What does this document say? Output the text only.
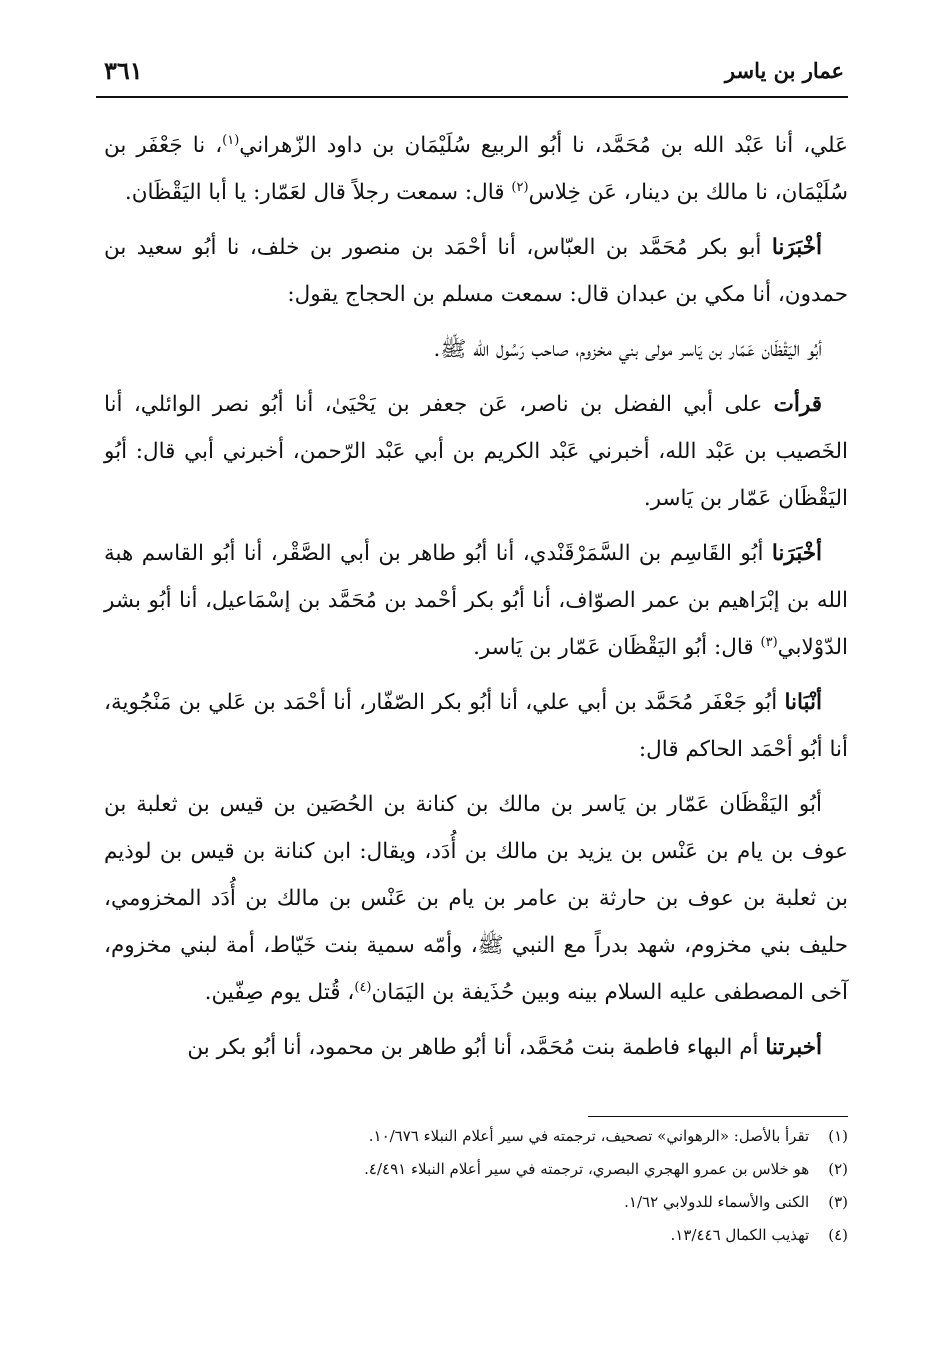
٣٦١	عمار بن ياسر

عَلي، أنا عَبْد الله بن مُحَمَّد، نا أبُو الربيع سُلَيْمَان بن داود الزّهراني$^{(١)}$، نا جَعْفَر بن سُلَيْمَان، نا مالك بن دينار، عَن خِلاس$^{(٢)}$ قال: سمعت رجلاً قال لعَمّار: يا أبا اليَقْظَان.

أخْبَرَنا أبو بكر مُحَمَّد بن العبّاس، أنا أحْمَد بن منصور بن خلف، نا أبُو سعيد بن حمدون، أنا مكي بن عبدان قال: سمعت مسلم بن الحجاج يقول:

أبُو اليَقْظَان عَمّار بن يَاسر مولى بني مخزوم، صاحب رَسُول الله ﷺ.

قرأت على أبي الفضل بن ناصر، عَن جعفر بن يَحْيَىٰ، أنا أبُو نصر الوائلي، أنا الخَصيب بن عَبْد الله، أخبرني عَبْد الكريم بن أبي عَبْد الرّحمن، أخبرني أبي قال: أبُو اليَقْظَان عَمّار بن يَاسر.

أخْبَرَنا أبُو القَاسِم بن السَّمَرْقَنْدي، أنا أبُو طاهر بن أبي الصَّقْر، أنا أبُو القاسم هبة الله بن إبْرَاهيم بن عمر الصوّاف، أنا أبُو بكر أحْمد بن مُحَمَّد بن إسْمَاعيل، أنا أبُو بشر الدّوْلابي$^{(٣)}$ قال: أبُو اليَقْظَان عَمّار بن يَاسر.

أنْبَانا أبُو جَعْفَر مُحَمَّد بن أبي علي، أنا أبُو بكر الصّفّار، أنا أحْمَد بن عَلي بن مَنْجُوية، أنا أبُو أحْمَد الحاكم قال:

أبُو اليَقْظَان عَمّار بن يَاسر بن مالك بن كنانة بن الحُصَين بن قيس بن ثعلبة بن عوف بن يام بن عَنْس بن يزيد بن مالك بن أُدَد، ويقال: ابن كنانة بن قيس بن لوذيم بن ثعلبة بن عوف بن حارثة بن عامر بن يام بن عَنْس بن مالك بن أُدَد المخزومي، حليف بني مخزوم، شهد بدراً مع النبي ﷺ، وأمّه سمية بنت خَيّاط، أمة لبني مخزوم، آخى المصطفى عليه السلام بينه وبين حُذَيفة بن اليَمَان$^{(٤)}$، قُتل يوم صِفّين.

أخبرتنا أم البهاء فاطمة بنت مُحَمَّد، أنا أبُو طاهر بن محمود، أنا أبُو بكر بن

(١) تقرأ بالأصل: «الرهواني» تصحيف، ترجمته في سير أعلام النبلاء ١٠/٦٧٦.
(٢) هو خلاس بن عمرو الهجري البصري، ترجمته في سير أعلام النبلاء ٤/٤٩١.
(٣) الكنى والأسماء للدولابي ١/٦٢.
(٤) تهذيب الكمال ١٣/٤٤٦.
